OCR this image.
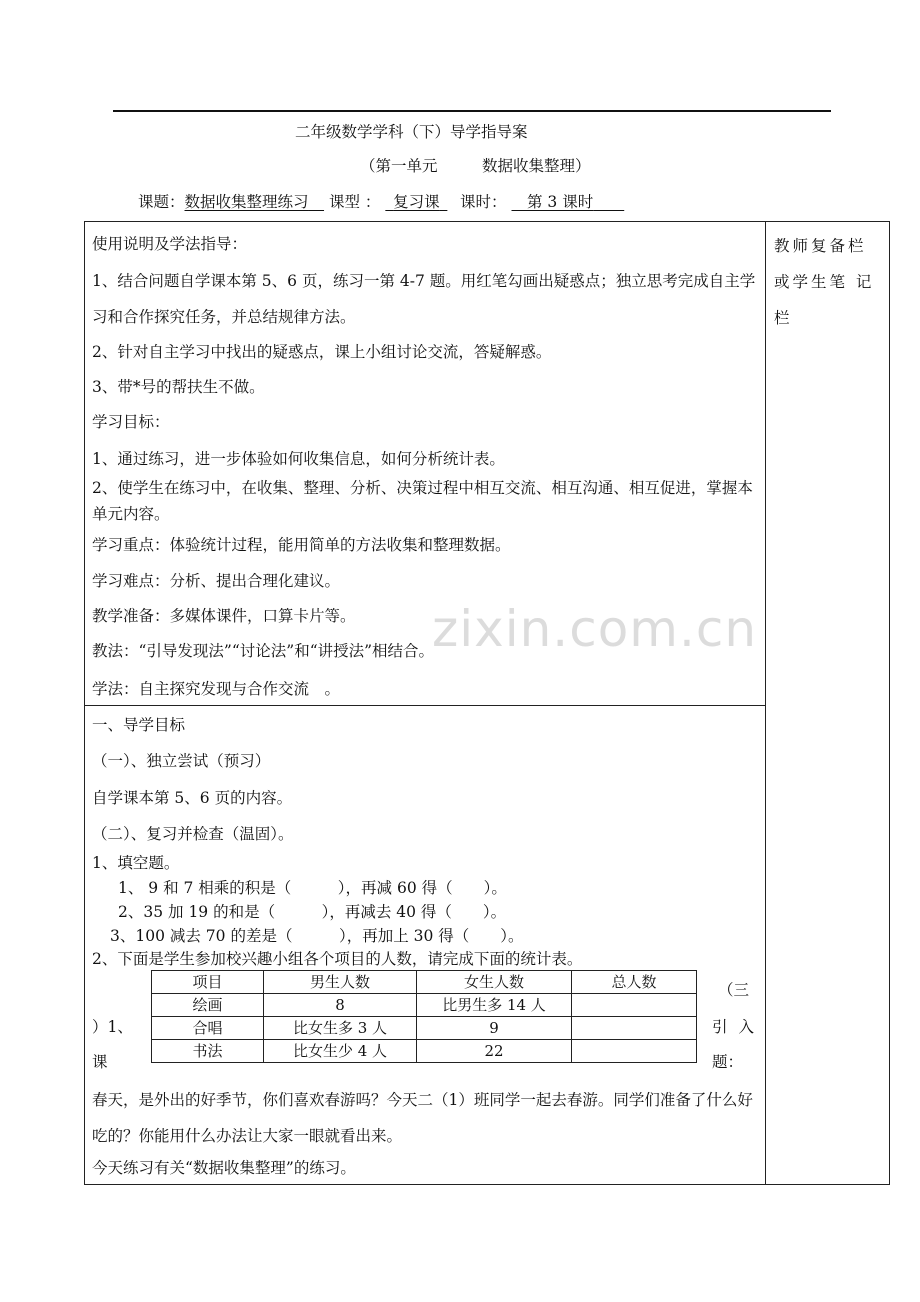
二年级数学学科（下）导学指导案
（第一单元	数据收集整理）
课题：数据收集整理练习  课型 ：   复习课    课时：    第 3 课时  
教师复备栏或学生笔 记栏
使用说明及学法指导：
1、结合问题自学课本第 5、6 页，练习一第 4-7 题。用红笔勾画出疑惑点；独立思考完成自主学习和合作探究任务，并总结规律方法。
2、针对自主学习中找出的疑惑点，课上小组讨论交流，答疑解惑。
3、带*号的帮扶生不做。
学习目标：
1、通过练习，进一步体验如何收集信息，如何分析统计表。
2、使学生在练习中，在收集、整理、分析、决策过程中相互交流、相互沟通、相互促进，掌握本单元内容。
学习重点：体验统计过程，能用简单的方法收集和整理数据。
学习难点：分析、提出合理化建议。
教学准备：多媒体课件，口算卡片等。
教法：“引导发现法”“讨论法”和“讲授法”相结合。
学法：自主探究发现与合作交流　。
一、导学目标
（一）、独立尝试（预习）
自学课本第 5、6 页的内容。
（二）、复习并检查（温固）。
1、填空题。
1、 9 和 7 相乘的积是（　　　），再减 60 得（　　）。
2、35 加 19 的和是（　　　），再减去 40 得（　　）。
3、100 减去 70 的差是（　　　），再加上 30 得（　　）。
2、下面是学生参加校兴趣小组各个项目的人数，请完成下面的统计表。
项目	男生人数	女生人数	总人数
绘画	8	比男生多 14 人	
合唱	比女生多 3 人	9	
书法	比女生少 4 人	22	
）1、
课
（三
引入
题：
春天，是外出的好季节，你们喜欢春游吗？今天二（1）班同学一起去春游。同学们准备了什么好吃的？你能用什么办法让大家一眼就看出来。
今天练习有关“数据收集整理”的练习。
zixin.com.cn
